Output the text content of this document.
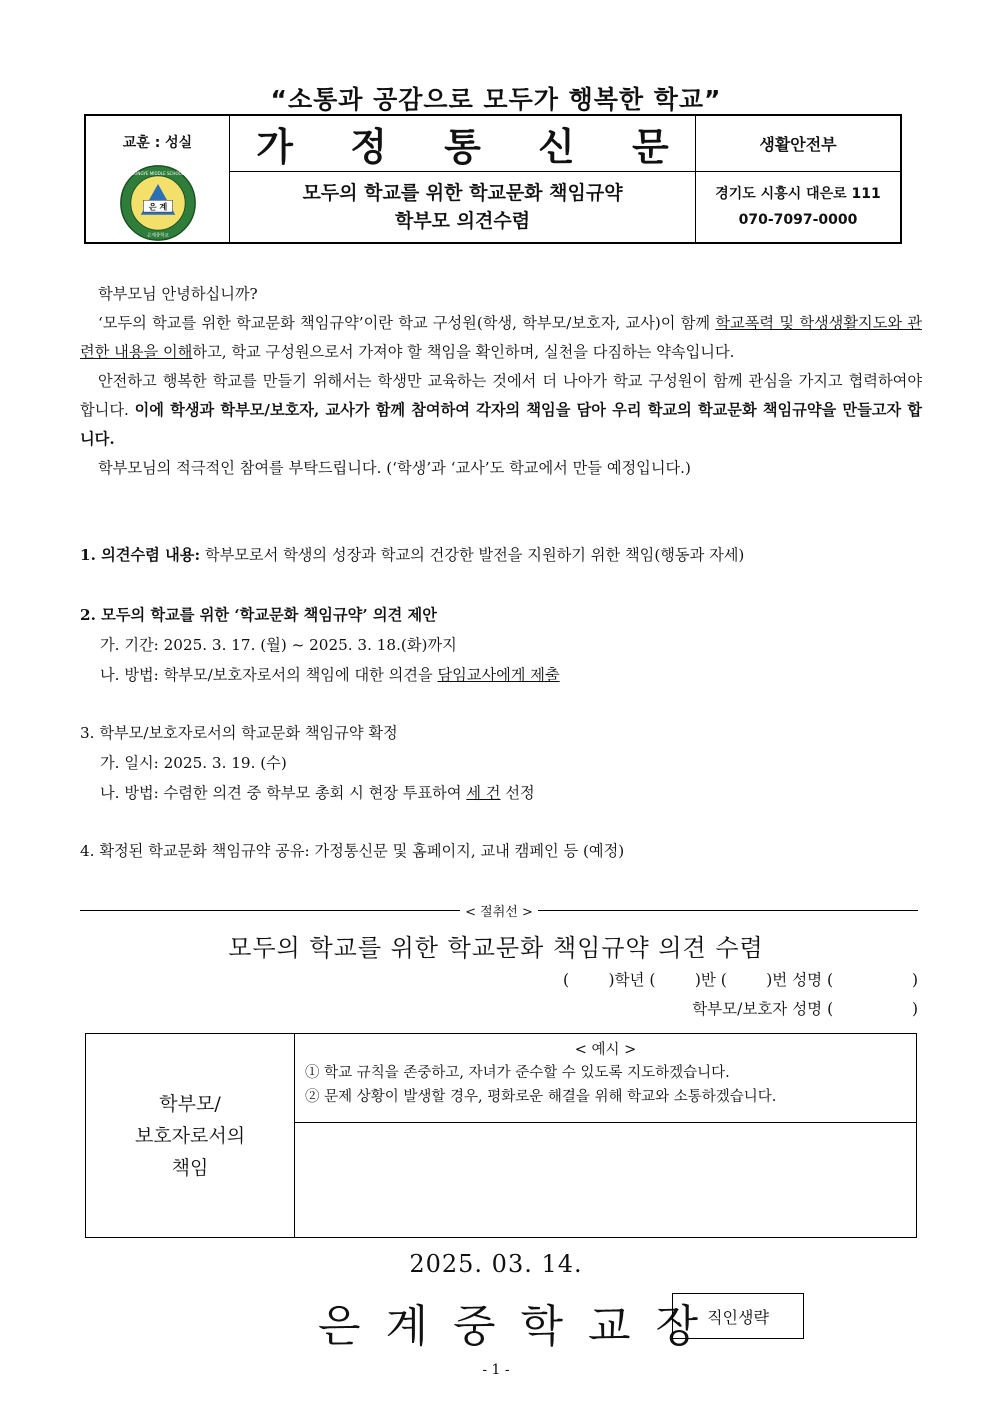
“소통과 공감으로 모두가 행복한 학교”
교훈 : 성실
은 계
은계중학교
EUNGYE MIDDLE SCHOOL
가 정 통 신 문
모두의 학교를 위한 학교문화 책임규약
학부모 의견수렴
생활안전부
경기도 시흥시 대은로 111
070-7097-0000

학부모님 안녕하십니까?

‘모두의 학교를 위한 학교문화 책임규약’이란 학교 구성원(학생, 학부모/보호자, 교사)이 함께 학교폭력 및 학생생활지도와 관련한 내용을 이해하고, 학교 구성원으로서 가져야 할 책임을 확인하며, 실천을 다짐하는 약속입니다.

안전하고 행복한 학교를 만들기 위해서는 학생만 교육하는 것에서 더 나아가 학교 구성원이 함께 관심을 가지고 협력하여야 합니다. 이에 학생과 학부모/보호자, 교사가 함께 참여하여 각자의 책임을 담아 우리 학교의 학교문화 책임규약을 만들고자 합니다.

학부모님의 적극적인 참여를 부탁드립니다. (‘학생’과 ‘교사’도 학교에서 만들 예정입니다.)

1. 의견수렴 내용: 학부모로서 학생의 성장과 학교의 건강한 발전을 지원하기 위한 책임(행동과 자세)
2. 모두의 학교를 위한 ‘학교문화 책임규약’ 의견 제안
가. 기간: 2025. 3. 17. (월) ~ 2025. 3. 18.(화)까지
나. 방법: 학부모/보호자로서의 책임에 대한 의견을 담임교사에게 제출
3. 학부모/보호자로서의 학교문화 책임규약 확정
가. 일시: 2025. 3. 19. (수)
나. 방법: 수렴한 의견 중 학부모 총회 시 현장 투표하여 세 건 선정
4. 확정된 학교문화 책임규약 공유: 가정통신문 및 홈페이지, 교내 캠페인 등 (예정)
< 절취선 >
모두의 학교를 위한 학교문화 책임규약 의견 수렴
(        )학년 (        )반 (        )번 성명 (                )
학부모/보호자 성명 (                )
학부모/
보호자로서의
책임
< 예시 >
① 학교 규칙을 존중하고, 자녀가 준수할 수 있도록 지도하겠습니다.
② 문제 상황이 발생할 경우, 평화로운 해결을 위해 학교와 소통하겠습니다.
2025. 03. 14.
은계중학교장
직인생략
- 1 -
